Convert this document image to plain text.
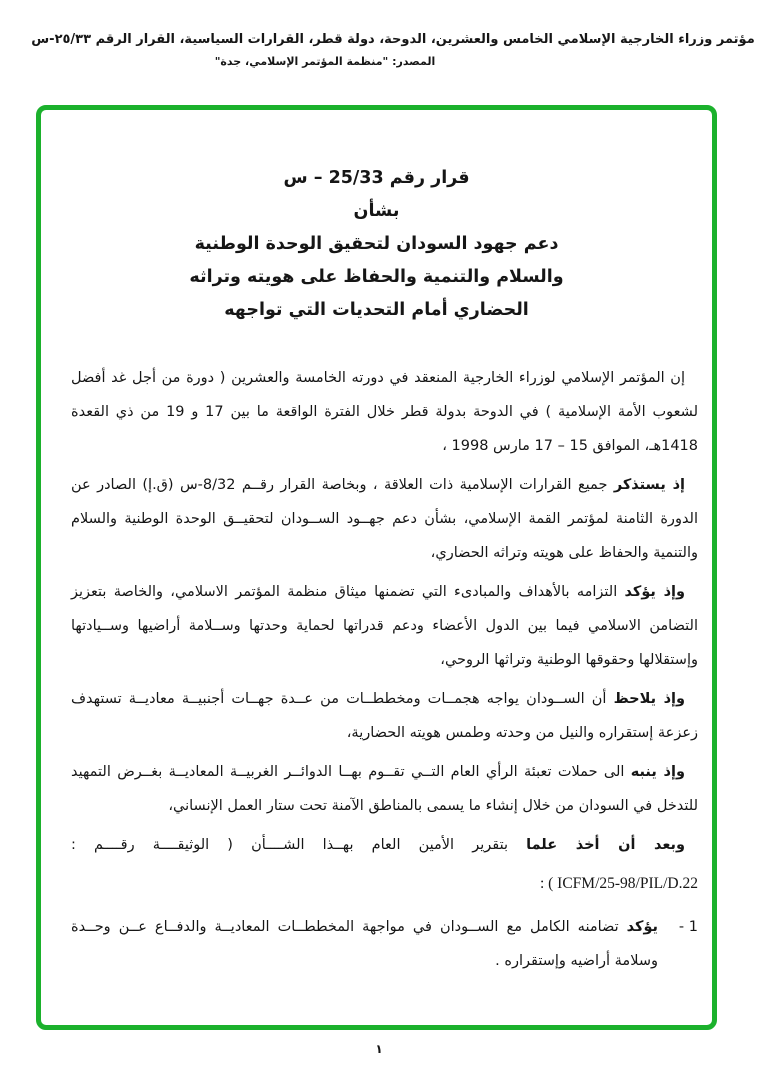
مؤتمر وزراء الخارجية الإسلامي الخامس والعشرين، الدوحة، دولة قطر، القرارات السياسية، القرار الرقم ٢٥/٣٣-س
المصدر: "منظمة المؤتمر الإسلامي، جدة"
قرار رقم 25/33 – س
بشأن
دعم جهود السودان لتحقيق الوحدة الوطنية
والسلام والتنمية والحفاظ على هويته وتراثه
الحضاري أمام التحديات التي تواجهه

إن المؤتمر الإسلامي لوزراء الخارجية المنعقد في دورته الخامسة والعشرين ( دورة من أجل غد أفضل لشعوب الأمة الإسلامية ) في الدوحة بدولة قطر خلال الفترة الواقعة ما بين 17 و 19 من ذي القعدة 1418هـ، الموافق 15 – 17 مارس 1998 ،

إذ يستذكر جميع القرارات الإسلامية ذات العلاقة ، وبخاصة القرار رقــم 8/32-س (ق.إ) الصادر عن الدورة الثامنة لمؤتمر القمة الإسلامي، بشأن دعم جهــود الســودان لتحقيــق الوحدة الوطنية والسلام والتنمية والحفاظ على هويته وتراثه الحضاري،

وإذ يؤكد التزامه بالأهداف والمبادىء التي تضمنها ميثاق منظمة المؤتمر الاسلامي، والخاصة بتعزيز التضامن الاسلامي فيما بين الدول الأعضاء ودعم قدراتها لحماية وحدتها وســلامة أراضيها وســيادتها وإستقلالها وحقوقها الوطنية وتراثها الروحي،

وإذ يلاحظ أن الســودان يواجه هجمــات ومخططــات من عــدة جهــات أجنبيــة معاديــة تستهدف زعزعة إستقراره والنيل من وحدته وطمس هويته الحضارية،

وإذ ينبه الى حملات تعبئة الرأي العام التــي تقــوم بهــا الدوائــر الغربيــة المعاديــة بغــرض التمهيد للتدخل في السودان من خلال إنشاء ما يسمى بالمناطق الآمنة تحت ستار العمل الإنساني،

وبعد أن أخذ علما بتقرير الأمين العام بهــذا الشــــأن ( الوثيقــــة رقــــم :

: ( ICFM/25-98/PIL/D.22
1 -
يؤكد تضامنه الكامل مع الســودان في مواجهة المخططــات المعاديــة والدفــاع عــن وحــدة وسلامة أراضيه وإستقراره .
١
